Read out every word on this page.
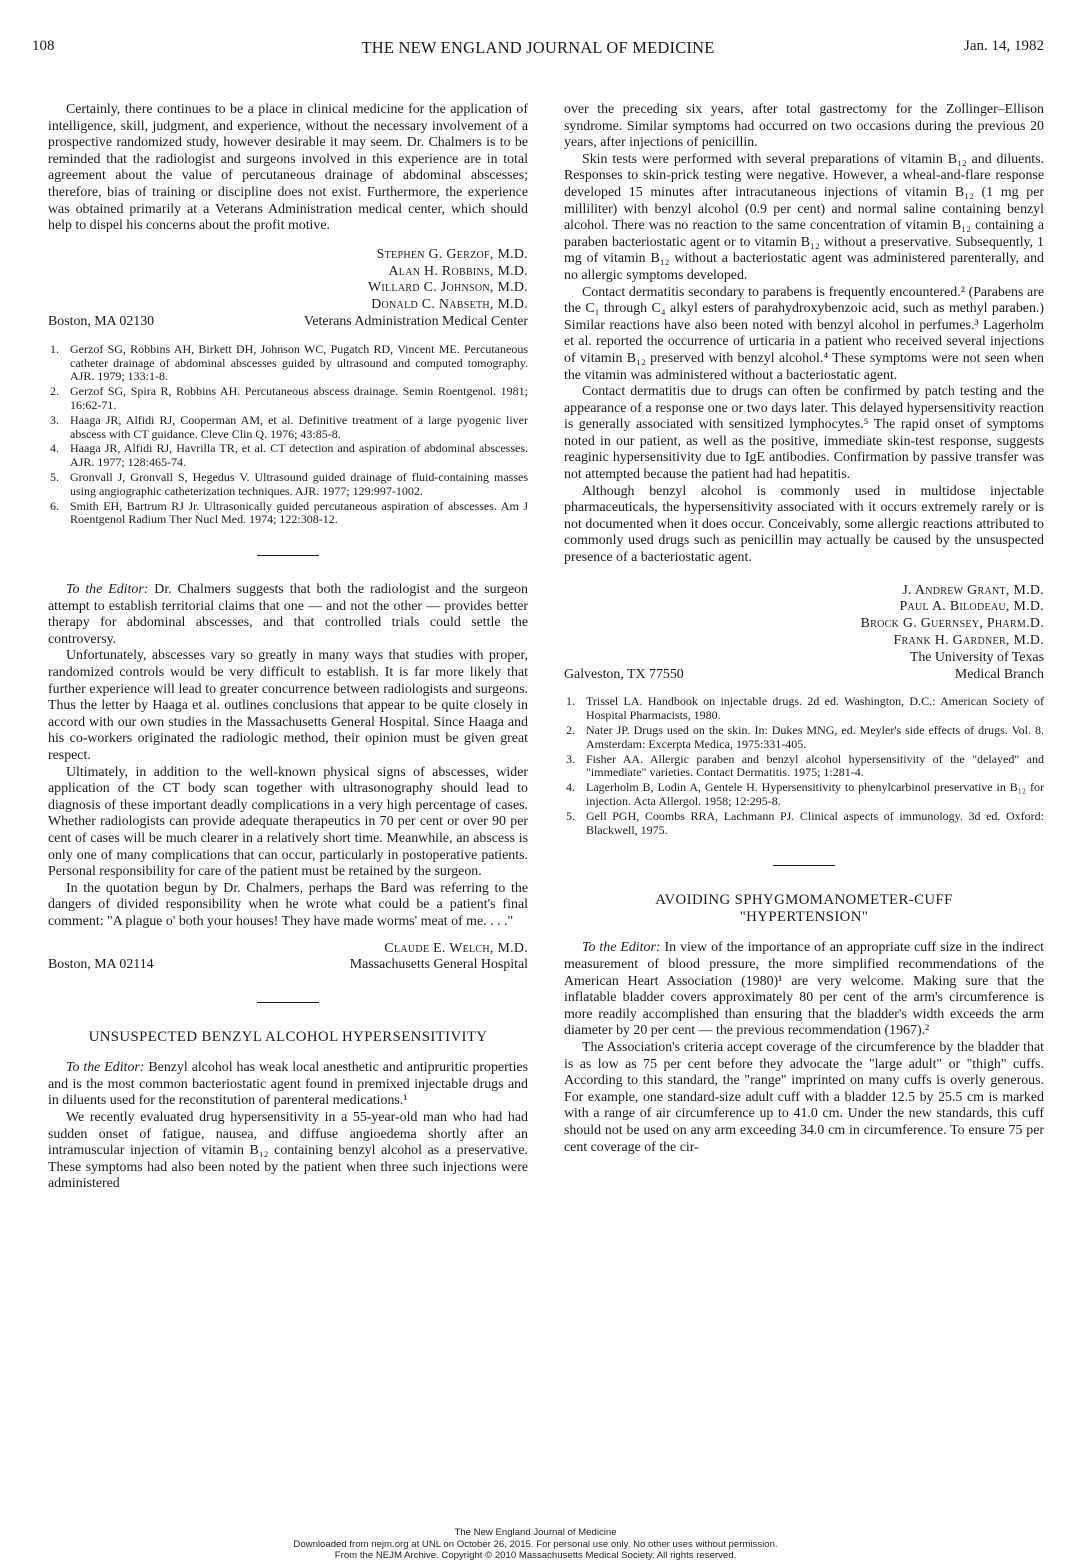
108	THE NEW ENGLAND JOURNAL OF MEDICINE	Jan. 14, 1982

Certainly, there continues to be a place in clinical medicine for the application of intelligence, skill, judgment, and experience, without the necessary involvement of a prospective randomized study, however desirable it may seem. Dr. Chalmers is to be reminded that the radiologist and surgeons involved in this experience are in total agreement about the value of percutaneous drainage of abdominal abscesses; therefore, bias of training or discipline does not exist. Furthermore, the experience was obtained primarily at a Veterans Administration medical center, which should help to dispel his concerns about the profit motive.

Stephen G. Gerzof, M.D.
Alan H. Robbins, M.D.
Willard C. Johnson, M.D.
Donald C. Nabseth, M.D.
Boston, MA 02130	Veterans Administration Medical Center
1. Gerzof SG, Robbins AH, Birkett DH, Johnson WC, Pugatch RD, Vincent ME. Percutaneous catheter drainage of abdominal abscesses guided by ultrasound and computed tomography. AJR. 1979; 133:1-8.
2. Gerzof SG, Spira R, Robbins AH. Percutaneous abscess drainage. Semin Roentgenol. 1981; 16:62-71.
3. Haaga JR, Alfidi RJ, Cooperman AM, et al. Definitive treatment of a large pyogenic liver abscess with CT guidance. Cleve Clin Q. 1976; 43:85-8.
4. Haaga JR, Alfidi RJ, Havrilla TR, et al. CT detection and aspiration of abdominal abscesses. AJR. 1977; 128:465-74.
5. Gronvall J, Gronvall S, Hegedus V. Ultrasound guided drainage of fluid-containing masses using angiographic catheterization techniques. AJR. 1977; 129:997-1002.
6. Smith EH, Bartrum RJ Jr. Ultrasonically guided percutaneous aspiration of abscesses. Am J Roentgenol Radium Ther Nucl Med. 1974; 122:308-12.

To the Editor: Dr. Chalmers suggests that both the radiologist and the surgeon attempt to establish territorial claims that one — and not the other — provides better therapy for abdominal abscesses, and that controlled trials could settle the controversy.

Unfortunately, abscesses vary so greatly in many ways that studies with proper, randomized controls would be very difficult to establish. It is far more likely that further experience will lead to greater concurrence between radiologists and surgeons. Thus the letter by Haaga et al. outlines conclusions that appear to be quite closely in accord with our own studies in the Massachusetts General Hospital. Since Haaga and his co-workers originated the radiologic method, their opinion must be given great respect.

Ultimately, in addition to the well-known physical signs of abscesses, wider application of the CT body scan together with ultrasonography should lead to diagnosis of these important deadly complications in a very high percentage of cases. Whether radiologists can provide adequate therapeutics in 70 per cent or over 90 per cent of cases will be much clearer in a relatively short time. Meanwhile, an abscess is only one of many complications that can occur, particularly in postoperative patients. Personal responsibility for care of the patient must be retained by the surgeon.

In the quotation begun by Dr. Chalmers, perhaps the Bard was referring to the dangers of divided responsibility when he wrote what could be a patient's final comment: "A plague o' both your houses! They have made worms' meat of me. . . ."

Claude E. Welch, M.D.
Boston, MA 02114	Massachusetts General Hospital
UNSUSPECTED BENZYL ALCOHOL HYPERSENSITIVITY

To the Editor: Benzyl alcohol has weak local anesthetic and antipruritic properties and is the most common bacteriostatic agent found in premixed injectable drugs and in diluents used for the reconstitution of parenteral medications.¹

We recently evaluated drug hypersensitivity in a 55-year-old man who had had sudden onset of fatigue, nausea, and diffuse angioedema shortly after an intramuscular injection of vitamin B₁₂ containing benzyl alcohol as a preservative. These symptoms had also been noted by the patient when three such injections were administered

over the preceding six years, after total gastrectomy for the Zollinger–Ellison syndrome. Similar symptoms had occurred on two occasions during the previous 20 years, after injections of penicillin.

Skin tests were performed with several preparations of vitamin B₁₂ and diluents. Responses to skin-prick testing were negative. However, a wheal-and-flare response developed 15 minutes after intracutaneous injections of vitamin B₁₂ (1 mg per milliliter) with benzyl alcohol (0.9 per cent) and normal saline containing benzyl alcohol. There was no reaction to the same concentration of vitamin B₁₂ containing a paraben bacteriostatic agent or to vitamin B₁₂ without a preservative. Subsequently, 1 mg of vitamin B₁₂ without a bacteriostatic agent was administered parenterally, and no allergic symptoms developed.

Contact dermatitis secondary to parabens is frequently encountered.² (Parabens are the C₁ through C₄ alkyl esters of parahydroxybenzoic acid, such as methyl paraben.) Similar reactions have also been noted with benzyl alcohol in perfumes.³ Lagerholm et al. reported the occurrence of urticaria in a patient who received several injections of vitamin B₁₂ preserved with benzyl alcohol.⁴ These symptoms were not seen when the vitamin was administered without a bacteriostatic agent.

Contact dermatitis due to drugs can often be confirmed by patch testing and the appearance of a response one or two days later. This delayed hypersensitivity reaction is generally associated with sensitized lymphocytes.⁵ The rapid onset of symptoms noted in our patient, as well as the positive, immediate skin-test response, suggests reaginic hypersensitivity due to IgE antibodies. Confirmation by passive transfer was not attempted because the patient had had hepatitis.

Although benzyl alcohol is commonly used in multidose injectable pharmaceuticals, the hypersensitivity associated with it occurs extremely rarely or is not documented when it does occur. Conceivably, some allergic reactions attributed to commonly used drugs such as penicillin may actually be caused by the unsuspected presence of a bacteriostatic agent.

J. Andrew Grant, M.D.
Paul A. Bilodeau, M.D.
Brock G. Guernsey, Pharm.D.
Frank H. Gardner, M.D.
The University of Texas
Galveston, TX 77550	Medical Branch
1. Trissel LA. Handbook on injectable drugs. 2d ed. Washington, D.C.: American Society of Hospital Pharmacists, 1980.
2. Nater JP. Drugs used on the skin. In: Dukes MNG, ed. Meyler's side effects of drugs. Vol. 8. Amsterdam: Excerpta Medica, 1975:331-405.
3. Fisher AA. Allergic paraben and benzyl alcohol hypersensitivity of the "delayed" and "immediate" varieties. Contact Dermatitis. 1975; 1:281-4.
4. Lagerholm B, Lodin A, Gentele H. Hypersensitivity to phenylcarbinol preservative in B₁₂ for injection. Acta Allergol. 1958; 12:295-8.
5. Gell PGH, Coombs RRA, Lachmann PJ. Clinical aspects of immunology. 3d ed. Oxford: Blackwell, 1975.
AVOIDING SPHYGMOMANOMETER-CUFF
"HYPERTENSION"

To the Editor: In view of the importance of an appropriate cuff size in the indirect measurement of blood pressure, the more simplified recommendations of the American Heart Association (1980)¹ are very welcome. Making sure that the inflatable bladder covers approximately 80 per cent of the arm's circumference is more readily accomplished than ensuring that the bladder's width exceeds the arm diameter by 20 per cent — the previous recommendation (1967).²

The Association's criteria accept coverage of the circumference by the bladder that is as low as 75 per cent before they advocate the "large adult" or "thigh" cuffs. According to this standard, the "range" imprinted on many cuffs is overly generous. For example, one standard-size adult cuff with a bladder 12.5 by 25.5 cm is marked with a range of air circumference up to 41.0 cm. Under the new standards, this cuff should not be used on any arm exceeding 34.0 cm in circumference. To ensure 75 per cent coverage of the cir-

The New England Journal of Medicine
Downloaded from nejm.org at UNL on October 26, 2015. For personal use only. No other uses without permission.
From the NEJM Archive. Copyright © 2010 Massachusetts Medical Society. All rights reserved.
